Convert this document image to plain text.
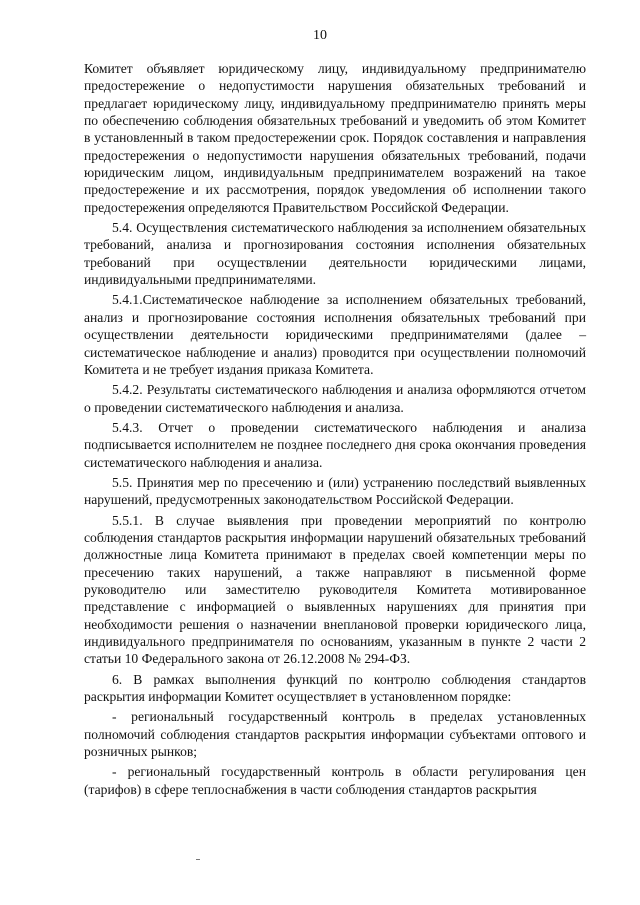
10

Комитет объявляет юридическому лицу, индивидуальному предпринимателю предостережение о недопустимости нарушения обязательных требований и предлагает юридическому лицу, индивидуальному предпринимателю принять меры по обеспечению соблюдения обязательных требований и уведомить об этом Комитет в установленный в таком предостережении срок. Порядок составления и направления предостережения о недопустимости нарушения обязательных требований, подачи юридическим лицом, индивидуальным предпринимателем возражений на такое предостережение и их рассмотрения, порядок уведомления об исполнении такого предостережения определяются Правительством Российской Федерации.

5.4. Осуществления систематического наблюдения за исполнением обязательных требований, анализа и прогнозирования состояния исполнения обязательных требований при осуществлении деятельности юридическими лицами, индивидуальными предпринимателями.

5.4.1.Систематическое наблюдение за исполнением обязательных требований, анализ и прогнозирование состояния исполнения обязательных требований при осуществлении деятельности юридическими предпринимателями (далее – систематическое наблюдение и анализ) проводится при осуществлении полномочий Комитета и не требует издания приказа Комитета.

5.4.2. Результаты систематического наблюдения и анализа оформляются отчетом о проведении систематического наблюдения и анализа.

5.4.3. Отчет о проведении систематического наблюдения и анализа подписывается исполнителем не позднее последнего дня срока окончания проведения систематического наблюдения и анализа.

5.5. Принятия мер по пресечению и (или) устранению последствий выявленных нарушений, предусмотренных законодательством Российской Федерации.

5.5.1. В случае выявления при проведении мероприятий по контролю соблюдения стандартов раскрытия информации нарушений обязательных требований должностные лица Комитета принимают в пределах своей компетенции меры по пресечению таких нарушений, а также направляют в письменной форме руководителю или заместителю руководителя Комитета мотивированное представление с информацией о выявленных нарушениях для принятия при необходимости решения о назначении внеплановой проверки юридического лица, индивидуального предпринимателя по основаниям, указанным в пункте 2 части 2 статьи 10 Федерального закона от 26.12.2008 № 294-ФЗ.

6. В рамках выполнения функций по контролю соблюдения стандартов раскрытия информации Комитет осуществляет в установленном порядке:

- региональный государственный контроль в пределах установленных полномочий соблюдения стандартов раскрытия информации субъектами оптового и розничных рынков;

- региональный государственный контроль в области регулирования цен (тарифов) в сфере теплоснабжения в части соблюдения стандартов раскрытия
